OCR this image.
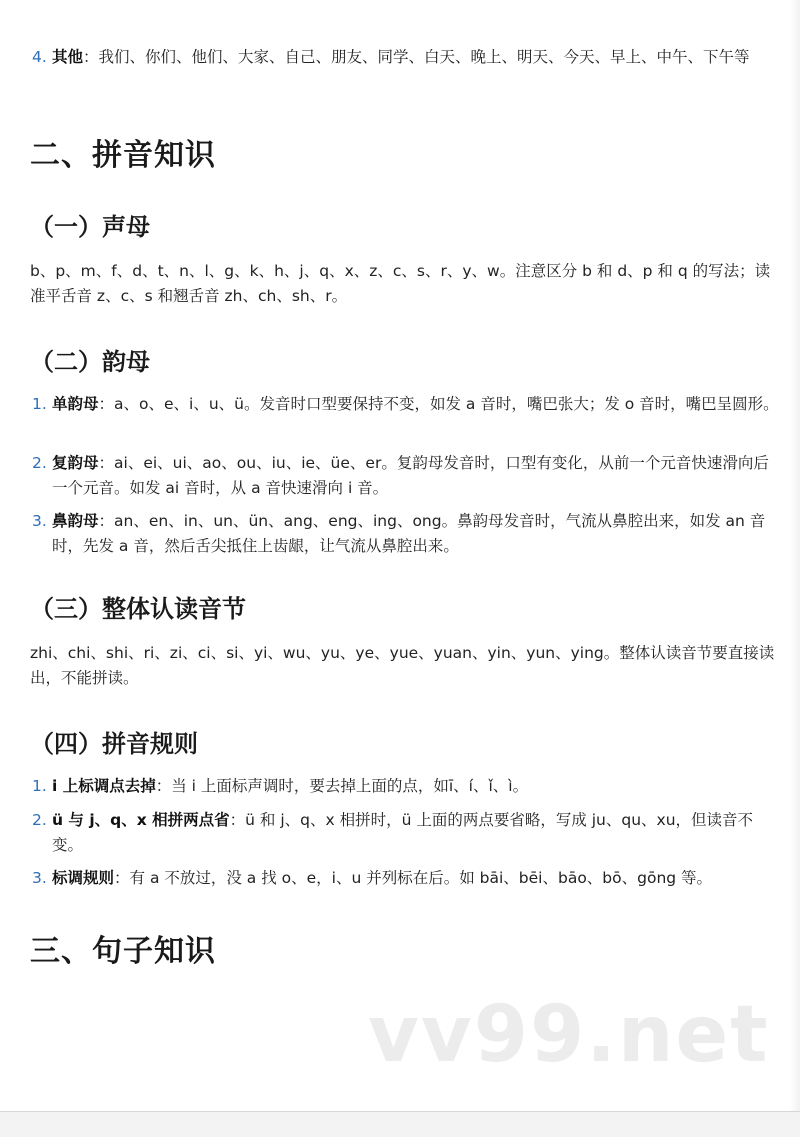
4. 其他：我们、你们、他们、大家、自己、朋友、同学、白天、晚上、明天、今天、早上、中午、下午等
二、拼音知识
（一）声母
b、p、m、f、d、t、n、l、g、k、h、j、q、x、z、c、s、r、y、w。注意区分 b 和 d、p 和 q 的写法；读准平舌音 z、c、s 和翘舌音 zh、ch、sh、r。
（二）韵母
1. 单韵母：a、o、e、i、u、ü。发音时口型要保持不变，如发 a 音时，嘴巴张大；发 o 音时，嘴巴呈圆形。
2. 复韵母：ai、ei、ui、ao、ou、iu、ie、üe、er。复韵母发音时，口型有变化，从前一个元音快速滑向后一个元音。如发 ai 音时，从 a 音快速滑向 i 音。
3. 鼻韵母：an、en、in、un、ün、ang、eng、ing、ong。鼻韵母发音时，气流从鼻腔出来，如发 an 音时，先发 a 音，然后舌尖抵住上齿龈，让气流从鼻腔出来。
（三）整体认读音节
zhi、chi、shi、ri、zi、ci、si、yi、wu、yu、ye、yue、yuan、yin、yun、ying。整体认读音节要直接读出，不能拼读。
（四）拼音规则
1. i 上标调点去掉：当 i 上面标声调时，要去掉上面的点，如ī、í、ǐ、ì。
2. ü 与 j、q、x 相拼两点省：ü 和 j、q、x 相拼时，ü 上面的两点要省略，写成 ju、qu、xu，但读音不变。
3. 标调规则：有 a 不放过，没 a 找 o、e，i、u 并列标在后。如 bāi、bēi、bāo、bō、gōng 等。
三、句子知识
vv99.net
